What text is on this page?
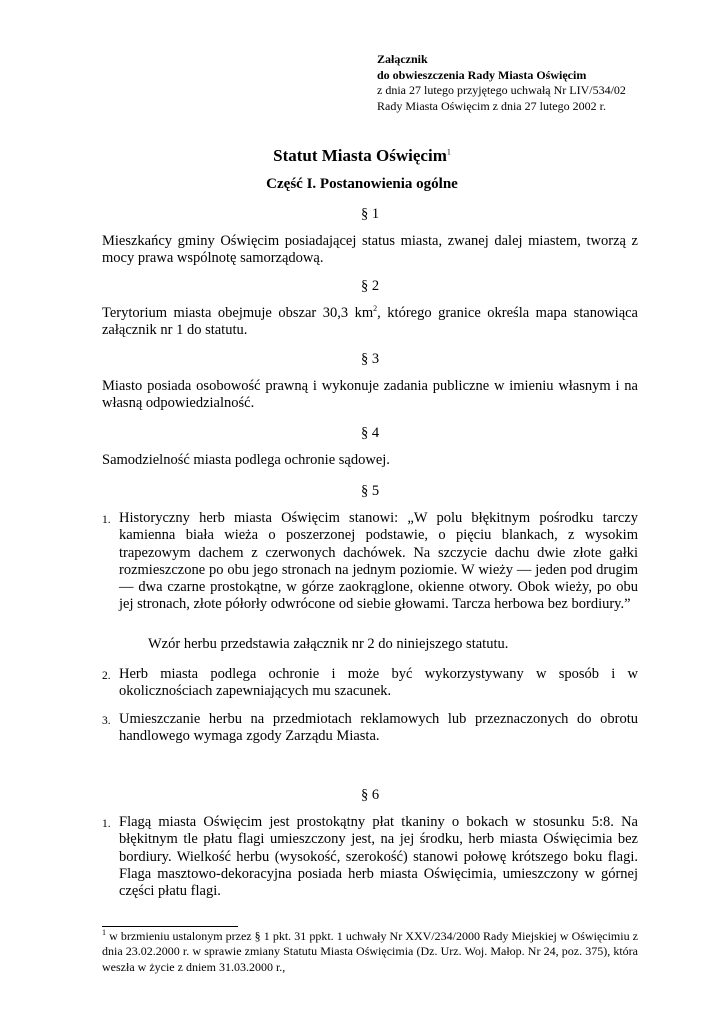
Załącznik
do obwieszczenia Rady Miasta Oświęcim
z dnia 27 lutego przyjętego uchwałą Nr LIV/534/02
Rady Miasta Oświęcim z dnia 27 lutego 2002 r.
Statut Miasta Oświęcim$^1$
Część I. Postanowienia ogólne
§ 1
Mieszkańcy gminy Oświęcim posiadającej status miasta, zwanej dalej miastem, tworzą z mocy prawa wspólnotę samorządową.
§ 2
Terytorium miasta obejmuje obszar 30,3 $km^2$, którego granice określa mapa stanowiąca załącznik nr 1 do statutu.
§ 3
Miasto posiada osobowość prawną i wykonuje zadania publiczne w imieniu własnym i na własną odpowiedzialność.
§ 4
Samodzielność miasta podlega ochronie sądowej.
§ 5
1. Historyczny herb miasta Oświęcim stanowi: „W polu błękitnym pośrodku tarczy kamienna biała wieża o poszerzonej podstawie, o pięciu blankach, z wysokim trapezowym dachem z czerwonych dachówek. Na szczycie dachu dwie złote gałki rozmieszczone po obu jego stronach na jednym poziomie. W wieży — jeden pod drugim — dwa czarne prostokątne, w górze zaokrąglone, okienne otwory. Obok wieży, po obu jej stronach, złote półorły odwrócone od siebie głowami. Tarcza herbowa bez bordiury.”
Wzór herbu przedstawia załącznik nr 2 do niniejszego statutu.
2. Herb miasta podlega ochronie i może być wykorzystywany w sposób i w okolicznościach zapewniających mu szacunek.
3. Umieszczanie herbu na przedmiotach reklamowych lub przeznaczonych do obrotu handlowego wymaga zgody Zarządu Miasta.
§ 6
1. Flagą miasta Oświęcim jest prostokątny płat tkaniny o bokach w stosunku 5:8. Na błękitnym tle płatu flagi umieszczony jest, na jej środku, herb miasta Oświęcimia bez bordiury. Wielkość herbu (wysokość, szerokość) stanowi połowę krótszego boku flagi. Flaga masztowo-dekoracyjna posiada herb miasta Oświęcimia, umieszczony w górnej części płatu flagi.
$^1$ w brzmieniu ustalonym przez § 1 pkt. 31 ppkt. 1 uchwały Nr XXV/234/2000 Rady Miejskiej w Oświęcimiu z dnia 23.02.2000 r. w sprawie zmiany Statutu Miasta Oświęcimia (Dz. Urz. Woj. Małop. Nr 24, poz. 375), która weszła w życie z dniem 31.03.2000 r.,
